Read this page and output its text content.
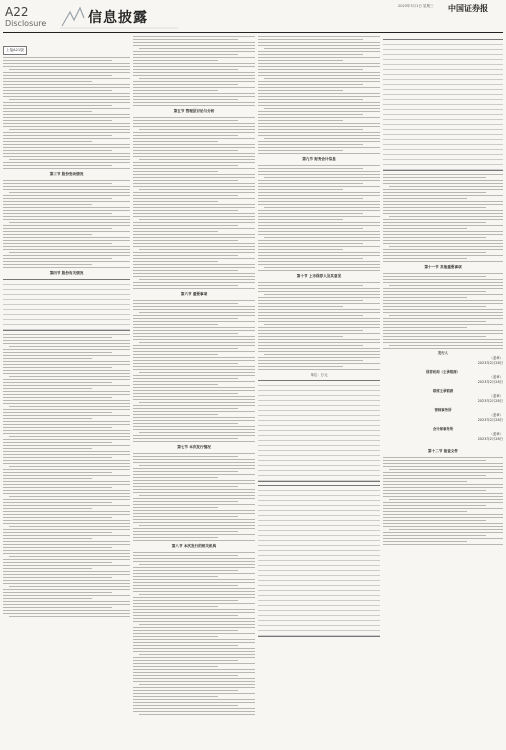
A22
Disclosure	信息披露
2023年3月1日 星期三 中国证券报
上接A21版
第三节 股份变动情况
第四节 股份有关情况
第五节 管理层讨论与分析
第六节 重要事项
第七节 本次发行情况
第八节 本次发行的相关机构
第九节 财务会计信息
第十节 上市保荐人及其意见
单位：万元
第十一节 其他重要事项
发行人
（盖章）
2023年2月28日
保荐机构（主承销商）
（盖章）
2023年2月28日
联席主承销商
（盖章）
2023年2月28日
律师事务所
（盖章）
2023年2月28日
会计师事务所
（盖章）
2023年2月28日
第十二节 备查文件
